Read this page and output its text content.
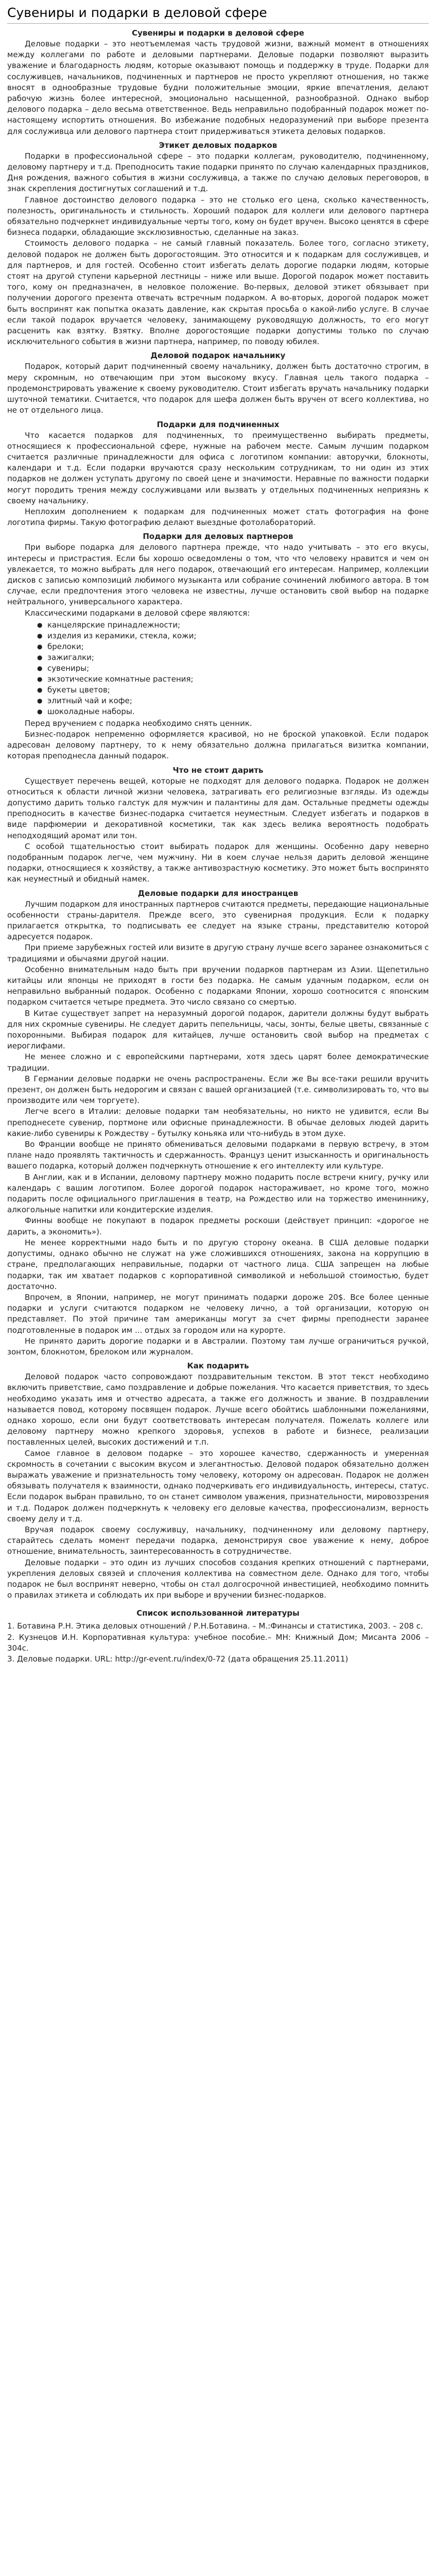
Сувениры и подарки в деловой сфере
Сувениры и подарки в деловой сфере

Деловые подарки – это неотъемлемая часть трудовой жизни, важный момент в отношениях между коллегами по работе и деловыми партнерами. Деловые подарки позволяют выразить уважение и благодарность людям, которые оказывают помощь и поддержку в труде. Подарки для сослуживцев, начальников, подчиненных и партнеров не просто укрепляют отношения, но также вносят в однообразные трудовые будни положительные эмоции, яркие впечатления, делают рабочую жизнь более интересной, эмоционально насыщенной, разнообразной. Однако выбор делового подарка – дело весьма ответственное. Ведь неправильно подобранный подарок может по-настоящему испортить отношения. Во избежание подобных недоразумений при выборе презента для сослуживца или делового партнера стоит придерживаться этикета деловых подарков.

Этикет деловых подарков

Подарки в профессиональной сфере – это подарки коллегам, руководителю, подчиненному, деловому партнеру и т.д. Преподносить такие подарки принято по случаю календарных праздников, Дня рождения, важного события в жизни сослуживца, а также по случаю деловых переговоров, в знак скрепления достигнутых соглашений и т.д.

Главное достоинство делового подарка – это не столько его цена, сколько качественность, полезность, оригинальность и стильность. Хороший подарок для коллеги или делового партнера обязательно подчеркнет индивидуальные черты того, кому он будет вручен. Высоко ценятся в сфере бизнеса подарки, обладающие эксклюзивностью, сделанные на заказ.

Стоимость делового подарка – не самый главный показатель. Более того, согласно этикету, деловой подарок не должен быть дорогостоящим. Это относится и к подаркам для сослуживцев, и для партнеров, и для гостей. Особенно стоит избегать делать дорогие подарки людям, которые стоят на другой ступени карьерной лестницы – ниже или выше. Дорогой подарок может поставить того, кому он предназначен, в неловкое положение. Во-первых, деловой этикет обязывает при получении дорогого презента отвечать встречным подарком. А во-вторых, дорогой подарок может быть воспринят как попытка оказать давление, как скрытая просьба о какой-либо услуге. В случае если такой подарок вручается человеку, занимающему руководящую должность, то его могут расценить как взятку. Взятку. Вполне дорогостоящие подарки допустимы только по случаю исключительного события в жизни партнера, например, по поводу юбилея.

Деловой подарок начальнику

Подарок, который дарит подчиненный своему начальнику, должен быть достаточно строгим, в меру скромным, но отвечающим при этом высокому вкусу. Главная цель такого подарка – продемонстрировать уважение к своему руководителю. Стоит избегать вручать начальнику подарки шуточной тематики. Считается, что подарок для шефа должен быть вручен от всего коллектива, но не от отдельного лица.

Подарки для подчиненных

Что касается подарков для подчиненных, то преимущественно выбирать предметы, относящиеся к профессиональной сфере, нужные на рабочем месте. Самым лучшим подарком считается различные принадлежности для офиса с логотипом компании: авторучки, блокноты, календари и т.д. Если подарки вручаются сразу нескольким сотрудникам, то ни один из этих подарков не должен уступать другому по своей цене и значимости. Неравные по важности подарки могут породить трения между сослуживцами или вызвать у отдельных подчиненных неприязнь к своему начальнику.

Неплохим дополнением к подаркам для подчиненных может стать фотография на фоне логотипа фирмы. Такую фотографию делают выездные фотолабораторий.

Подарки для деловых партнеров

При выборе подарка для делового партнера прежде, что надо учитывать – это его вкусы, интересы и пристрастия. Если бы хорошо осведомлены о том, что что человеку нравится и чем он увлекается, то можно выбрать для него подарок, отвечающий его интересам. Например, коллекции дисков с записью композиций любимого музыканта или собрание сочинений любимого автора. В том случае, если предпочтения этого человека не известны, лучше остановить свой выбор на подарке нейтрального, универсального характера.

Классическими подарками в деловой сфере являются:

● канцелярские принадлежности;
● изделия из керамики, стекла, кожи;
● брелоки;
● зажигалки;
● сувениры;
● экзотические комнатные растения;
● букеты цветов;
● элитный чай и кофе;
● шоколадные наборы.

Перед вручением с подарка необходимо снять ценник.

Бизнес-подарок непременно оформляется красивой, но не броской упаковкой. Если подарок адресован деловому партнеру, то к нему обязательно должна прилагаться визитка компании, которая преподнесла данный подарок.

Что не стоит дарить

Существует перечень вещей, которые не подходят для делового подарка. Подарок не должен относиться к области личной жизни человека, затрагивать его религиозные взгляды. Из одежды допустимо дарить только галстук для мужчин и палантины для дам. Остальные предметы одежды преподносить в качестве бизнес-подарка считается неуместным. Следует избегать и подарков в виде парфюмерии и декоративной косметики, так как здесь велика вероятность подобрать неподходящий аромат или тон.

С особой тщательностью стоит выбирать подарок для женщины. Особенно дару неверно подобранным подарок легче, чем мужчину. Ни в коем случае нельзя дарить деловой женщине подарки, относящиеся к хозяйству, а также антивозрастную косметику. Это может быть воспринято как неуместный и обидный намек.

Деловые подарки для иностранцев

Лучшим подарком для иностранных партнеров считаются предметы, передающие национальные особенности страны-дарителя. Прежде всего, это сувенирная продукция. Если к подарку прилагается открытка, то подписывать ее следует на языке страны, представителю которой адресуется подарок.

При приеме зарубежных гостей или визите в другую страну лучше всего заранее ознакомиться с традициями и обычаями другой нации.

Особенно внимательным надо быть при вручении подарков партнерам из Азии. Щепетильно китайцы или японцы не приходят в гости без подарка. Не самым удачным подарком, если он неправильно выбранный подарок. Особенно с подарками Японии, хорошо соотносится с японским подарком считается четыре предмета. Это число связано со смертью.

В Китае существует запрет на неразумный дорогой подарок, дарители должны будут выбрать для них скромные сувениры. Не следует дарить пепельницы, часы, зонты, белые цветы, связанные с похоронными. Выбирая подарок для китайцев, лучше остановить свой выбор на предметах с иероглифами.

Не менее сложно и с европейскими партнерами, хотя здесь царят более демократические традиции.

В Германии деловые подарки не очень распространены. Если же Вы все-таки решили вручить презент, он должен быть недорогим и связан с вашей организацией (т.е. символизировать то, что вы производите или чем торгуете).

Легче всего в Италии: деловые подарки там необязательны, но никто не удивится, если Вы преподнесете сувенир, портмоне или офисные принадлежности. В обычае деловых людей дарить какие-либо сувениры к Рождеству – бутылку коньяка или что-нибудь в этом духе.

Во Франции вообще не принято обмениваться деловыми подарками в первую встречу, в этом плане надо проявлять тактичность и сдержанность. Француз ценит изысканность и оригинальность вашего подарка, который должен подчеркнуть отношение к его интеллекту или культуре.

В Англии, как и в Испании, деловому партнеру можно подарить после встречи книгу, ручку или календарь с вашим логотипом. Более дорогой подарок настораживает, но кроме того, можно подарить после официального приглашения в театр, на Рождество или на торжество имениннику, алкогольные напитки или кондитерские изделия.

Финны вообще не покупают в подарок предметы роскоши (действует принцип: «дорогое не дарить, а экономить»).

Не менее корректными надо быть и по другую сторону океана. В США деловые подарки допустимы, однако обычно не служат на уже сложившихся отношениях, закона на коррупцию в стране, предполагающих неправильные, подарки от частного лица. США запрещен на любые подарки, так им хватает подарков с корпоративной символикой и небольшой стоимостью, будет достаточно.

Впрочем, в Японии, например, не могут принимать подарки дороже 20$. Все более ценные подарки и услуги считаются подарком не человеку лично, а той организации, которую он представляет. По этой причине там американцы могут за счет фирмы преподнести заранее подготовленные в подарок им ... отдых за городом или на курорте.

Не принято дарить дорогие подарки и в Австралии. Поэтому там лучше ограничиться ручкой, зонтом, блокнотом, брелоком или журналом.

Как подарить

Деловой подарок часто сопровождают поздравительным текстом. В этот текст необходимо включить приветствие, само поздравление и добрые пожелания. Что касается приветствия, то здесь необходимо указать имя и отчество адресата, а также его должность и звание. В поздравлении называется повод, которому посвящен подарок. Лучше всего обойтись шаблонными пожеланиями, однако хорошо, если они будут соответствовать интересам получателя. Пожелать коллеге или деловому партнеру можно крепкого здоровья, успехов в работе и бизнесе, реализации поставленных целей, высоких достижений и т.п.

Самое главное в деловом подарке – это хорошее качество, сдержанность и умеренная скромность в сочетании с высоким вкусом и элегантностью. Деловой подарок обязательно должен выражать уважение и признательность тому человеку, которому он адресован. Подарок не должен обязывать получателя к взаимности, однако подчеркивать его индивидуальность, интересы, статус. Если подарок выбран правильно, то он станет символом уважения, признательности, мировоззрения и т.д. Подарок должен подчеркнуть к человеку его деловые качества, профессионализм, верность своему делу и т.д.

Вручая подарок своему сослуживцу, начальнику, подчиненному или деловому партнеру, старайтесь сделать момент передачи подарка, демонстрируя свое уважение к нему, доброе отношение, внимательность, заинтересованность в сотрудничестве.

Деловые подарки – это один из лучших способов создания крепких отношений с партнерами, укрепления деловых связей и сплочения коллектива на совместном деле. Однако для того, чтобы подарок не был воспринят неверно, чтобы он стал долгосрочной инвестицией, необходимо помнить о правилах этикета и соблюдать их при выборе и вручении бизнес-подарков.

Список использованной литературы
1. Ботавина Р.Н. Этика деловых отношений / Р.Н.Ботавина. – М.:Финансы и статистика, 2003. – 208 с.
2. Кузнецов И.Н. Корпоративная культура: учебное пособие.– МН: Книжный Дом; Мисанта 2006 – 304с.
3. Деловые подарки. URL: http://gr-event.ru/index/0-72 (дата обращения 25.11.2011)
